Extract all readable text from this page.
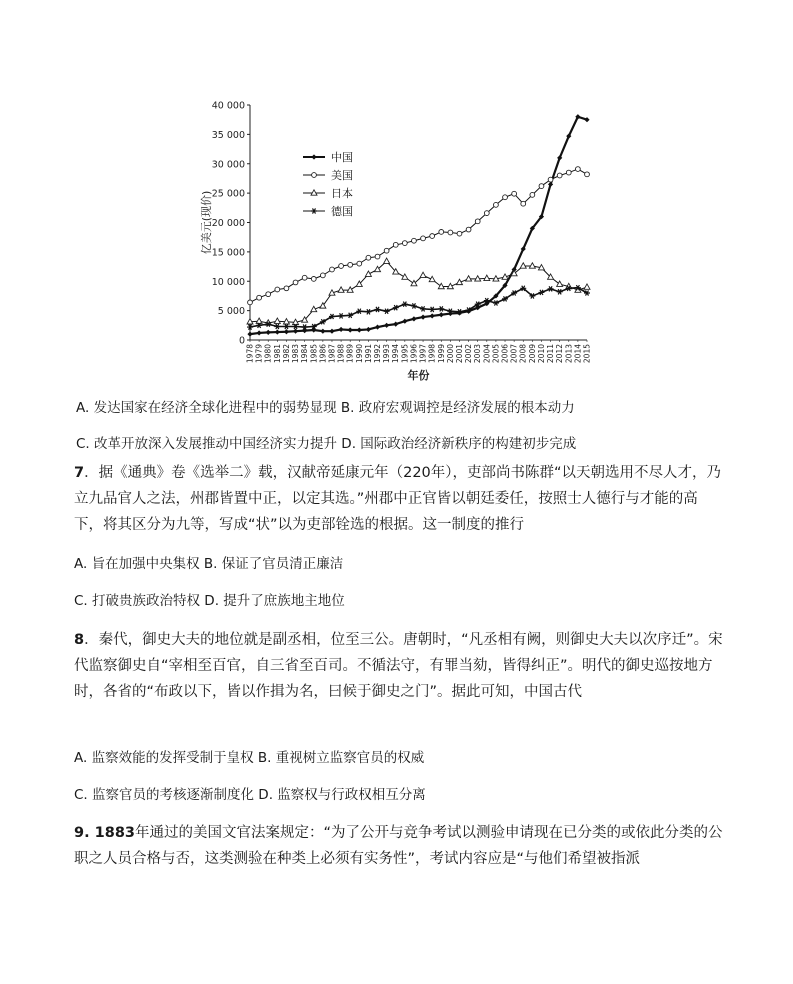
0
5 000
10 000
15 000
20 000
25 000
30 000
35 000
40 000
1978 1979 1980 1981 1982 1983 1984 1985 1986 1987 1988 1989 1990 1991 1992 1993 1994 1995 1996 1997 1998 1999 2000 2001 2002 2003 2004 2005 2006 2007 2008 2009 2010 2011 2012 2013 2014 2015
亿美元(现价)
年份
中国
美国
日本
德国
A. 发达国家在经济全球化进程中的弱势显现 B. 政府宏观调控是经济发展的根本动力
C. 改革开放深入发展推动中国经济实力提升 D. 国际政治经济新秩序的构建初步完成
7．据《通典》卷《选举二》载，汉献帝延康元年（220年），吏部尚书陈群“以天朝选用不尽人才，乃立九品官人之法，州郡皆置中正，以定其选。”州郡中正官皆以朝廷委任，按照士人德行与才能的高下，将其区分为九等，写成“状”以为吏部铨选的根据。这一制度的推行
A. 旨在加强中央集权 B. 保证了官员清正廉洁
C. 打破贵族政治特权 D. 提升了庶族地主地位
8．秦代，御史大夫的地位就是副丞相，位至三公。唐朝时，“凡丞相有阙，则御史大夫以次序迁”。宋代监察御史自“宰相至百官，自三省至百司。不循法守，有罪当劾，皆得纠正”。明代的御史巡按地方时，各省的“布政以下，皆以作揖为名，曰候于御史之门”。据此可知，中国古代
A. 监察效能的发挥受制于皇权 B. 重视树立监察官员的权威
C. 监察官员的考核逐渐制度化 D. 监察权与行政权相互分离
9. 1883年通过的美国文官法案规定：“为了公开与竞争考试以测验申请现在已分类的或依此分类的公职之人员合格与否，这类测验在种类上必须有实务性”，考试内容应是“与他们希望被指派
